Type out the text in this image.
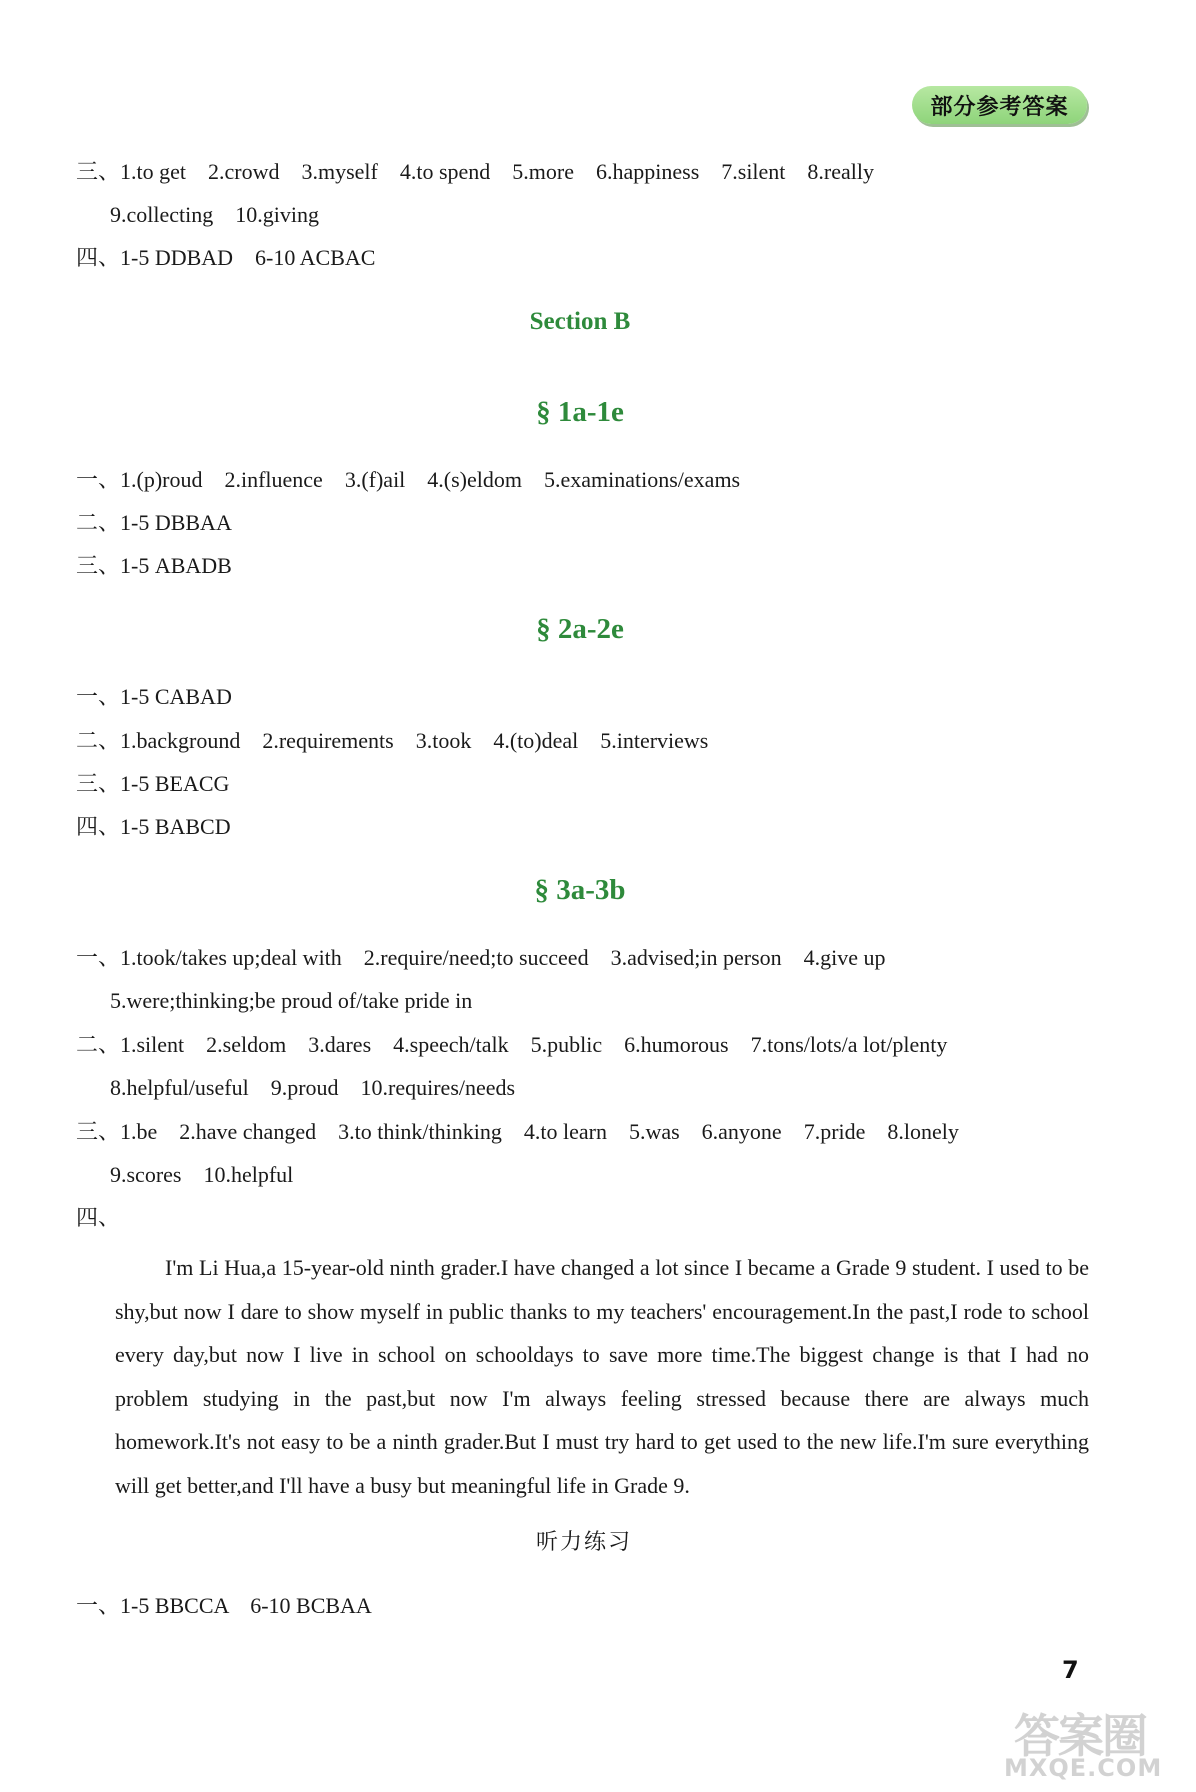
部分参考答案
三、1.to get    2.crowd    3.myself    4.to spend    5.more    6.happiness    7.silent    8.really
9.collecting    10.giving
四、1-5 DDBAD    6-10 ACBAC
Section B
§ 1a-1e
一、1.(p)roud    2.influence    3.(f)ail    4.(s)eldom    5.examinations/exams
二、1-5 DBBAA
三、1-5 ABADB
§ 2a-2e
一、1-5 CABAD
二、1.background    2.requirements    3.took    4.(to)deal    5.interviews
三、1-5 BEACG
四、1-5 BABCD
§ 3a-3b
一、1.took/takes up;deal with    2.require/need;to succeed    3.advised;in person    4.give up
5.were;thinking;be proud of/take pride in
二、1.silent    2.seldom    3.dares    4.speech/talk    5.public    6.humorous    7.tons/lots/a lot/plenty
8.helpful/useful    9.proud    10.requires/needs
三、1.be    2.have changed    3.to think/thinking    4.to learn    5.was    6.anyone    7.pride    8.lonely
9.scores    10.helpful
四、
I'm Li Hua,a 15-year-old ninth grader.I have changed a lot since I became a Grade 9 student. I used to be shy,but now I dare to show myself in public thanks to my teachers' encouragement.In the past,I rode to school every day,but now I live in school on schooldays to save more time.The biggest change is that I had no problem studying in the past,but now I'm always feeling stressed because there are always much homework.It's not easy to be a ninth grader.But I must try hard to get used to the new life.I'm sure everything will get better,and I'll have a busy but meaningful life in Grade 9.
听力练习
一、1-5 BBCCA    6-10 BCBAA
7
答案圈
MXQE.COM
